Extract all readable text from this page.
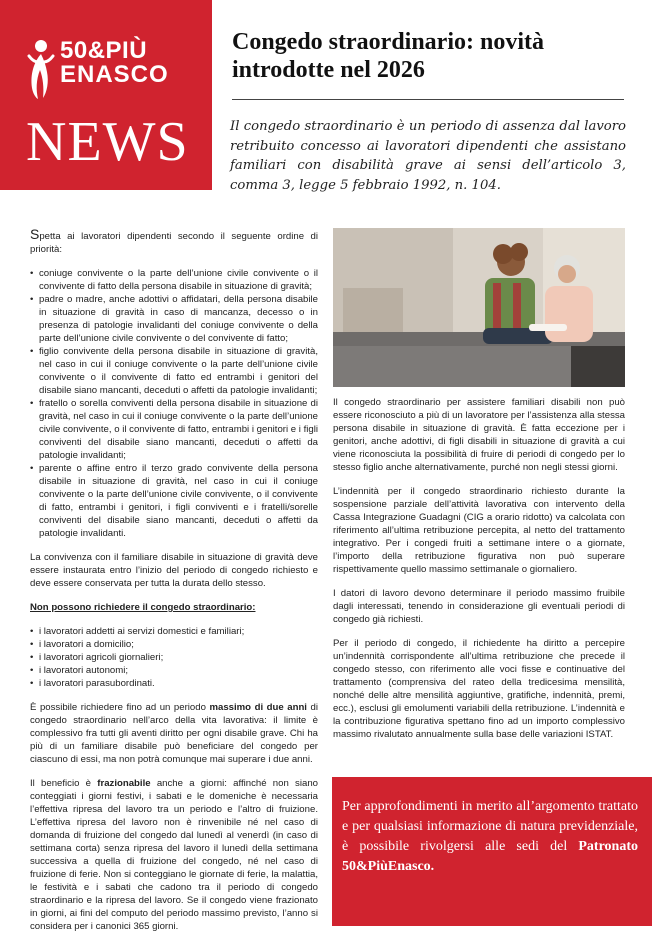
50&PIÙ
ENASCO
NEWS
Congedo straordinario: novità introdotte nel 2026

Il congedo straordinario è un periodo di assenza dal lavoro retribuito concesso ai lavoratori dipendenti che assistano familiari con disabilità grave ai sensi dell’articolo 3, comma 3, legge 5 febbraio 1992, n. 104.

Spetta ai lavoratori dipendenti secondo il seguente ordine di priorità:

• coniuge convivente o la parte dell’unione civile convivente o il convivente di fatto della persona disabile in situazione di gravità;
• padre o madre, anche adottivi o affidatari, della persona disabile in situazione di gravità in caso di mancanza, decesso o in presenza di patologie invalidanti del coniuge convivente o della parte dell’unione civile convivente o del convivente di fatto;
• figlio convivente della persona disabile in situazione di gravità, nel caso in cui il coniuge convivente o la parte dell’unione civile convivente o il convivente di fatto ed entrambi i genitori del disabile siano mancanti, deceduti o affetti da patologie invalidanti;
• fratello o sorella conviventi della persona disabile in situazione di gravità, nel caso in cui il coniuge convivente o la parte dell’unione civile convivente, o il convivente di fatto, entrambi i genitori e i figli conviventi del disabile siano mancanti, deceduti o affetti da patologie invalidanti;
• parente o affine entro il terzo grado convivente della persona disabile in situazione di gravità, nel caso in cui il coniuge convivente o la parte dell’unione civile convivente, o il convivente di fatto, entrambi i genitori, i figli conviventi e i fratelli/sorelle conviventi del disabile siano mancanti, deceduti o affetti da patologie invalidanti.

La convivenza con il familiare disabile in situazione di gravità deve essere instaurata entro l’inizio del periodo di congedo richiesto e deve essere conservata per tutta la durata dello stesso.

Non possono richiedere il congedo straordinario:

• i lavoratori addetti ai servizi domestici e familiari;
• i lavoratori a domicilio;
• i lavoratori agricoli giornalieri;
• i lavoratori autonomi;
• i lavoratori parasubordinati.

È possibile richiedere fino ad un periodo massimo di due anni di congedo straordinario nell’arco della vita lavorativa: il limite è complessivo fra tutti gli aventi diritto per ogni disabile grave. Chi ha più di un familiare disabile può beneficiare del congedo per ciascuno di essi, ma non potrà comunque mai superare i due anni.

Il beneficio è frazionabile anche a giorni: affinché non siano conteggiati i giorni festivi, i sabati e le domeniche è necessaria l’effettiva ripresa del lavoro tra un periodo e l’altro di fruizione. L’effettiva ripresa del lavoro non è rinvenibile né nel caso di domanda di fruizione del congedo dal lunedì al venerdì (in caso di settimana corta) senza ripresa del lavoro il lunedì della settimana successiva a quella di fruizione del congedo, né nel caso di fruizione di ferie. Non si conteggiano le giornate di ferie, la malattia, le festività e i sabati che cadono tra il periodo di congedo straordinario e la ripresa del lavoro. Se il congedo viene frazionato in giorni, ai fini del computo del periodo massimo previsto, l’anno si considera per i canonici 365 giorni.

Il congedo straordinario per assistere familiari disabili non può essere riconosciuto a più di un lavoratore per l’assistenza alla stessa persona disabile in situazione di gravità. È fatta eccezione per i genitori, anche adottivi, di figli disabili in situazione di gravità a cui viene riconosciuta la possibilità di fruire di periodi di congedo per lo stesso figlio anche alternativamente, purché non negli stessi giorni.

L’indennità per il congedo straordinario richiesto durante la sospensione parziale dell’attività lavorativa con intervento della Cassa Integrazione Guadagni (CIG a orario ridotto) va calcolata con riferimento all’ultima retribuzione percepita, al netto del trattamento integrativo. Per i congedi fruiti a settimane intere o a giornate, l’importo della retribuzione figurativa non può superare rispettivamente quello massimo settimanale o giornaliero.

I datori di lavoro devono determinare il periodo massimo fruibile dagli interessati, tenendo in considerazione gli eventuali periodi di congedo già richiesti.

Per il periodo di congedo, il richiedente ha diritto a percepire un’indennità corrispondente all’ultima retribuzione che precede il congedo stesso, con riferimento alle voci fisse e continuative del trattamento (comprensiva del rateo della tredicesima mensilità, nonché delle altre mensilità aggiuntive, gratifiche, indennità, premi, ecc.), esclusi gli emolumenti variabili della retribuzione. L’indennità e la contribuzione figurativa spettano fino ad un importo complessivo massimo rivalutato annualmente sulla base delle variazioni ISTAT.

Per approfondimenti in merito all’argomento trattato e per qualsiasi informazione di natura previdenziale, è possibile rivolgersi alle sedi del Patronato 50&PiùEnasco.
